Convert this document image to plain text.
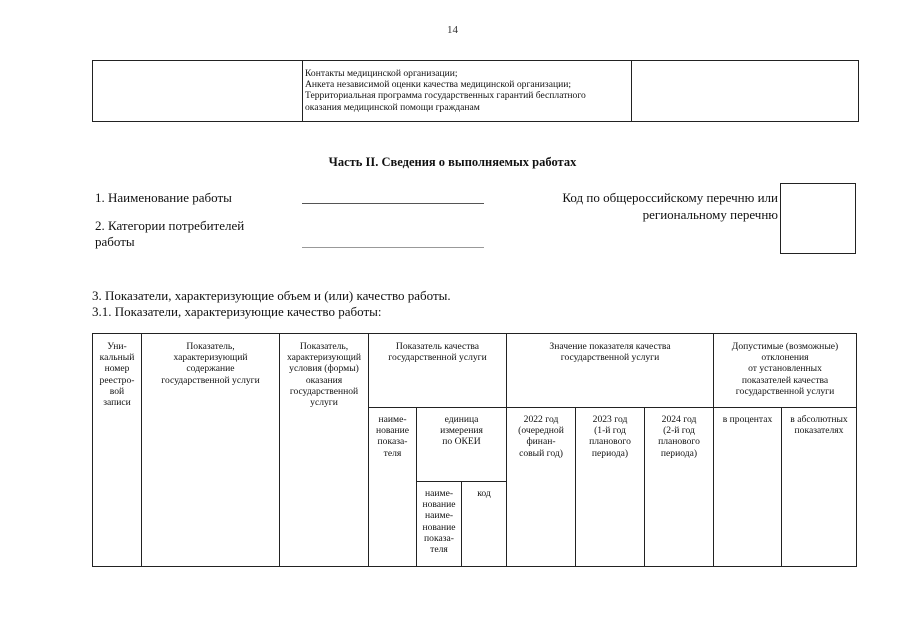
14
Контакты медицинской организации;
Анкета независимой оценки качества медицинской организации;
Территориальная программа государственных гарантий бесплатного
оказания медицинской помощи гражданам
Часть II. Сведения о выполняемых работах
1. Наименование работы
2. Категории потребителей
работы
Код по общероссийскому перечню или
региональному перечню
3. Показатели, характеризующие объем и (или) качество работы.
3.1. Показатели, характеризующие качество работы:
Уни-
кальный
номер
реестро-
вой
записи
Показатель,
характеризующий
содержание
государственной услуги
Показатель,
характеризующий
условия (формы)
оказания
государственной
услуги
Показатель качества
государственной услуги
Значение показателя качества
государственной услуги
Допустимые (возможные)
отклонения
от установленных
показателей качества
государственной услуги
наиме-
нование
показа-
теля
единица
измерения
по ОКЕИ
2022 год
(очередной
финан-
совый год)
2023 год
(1-й год
планового
периода)
2024 год
(2-й год
планового
периода)
в процентах	в абсолютных
показателях
наиме-
нование
наиме-
нование
показа-
теля
код
